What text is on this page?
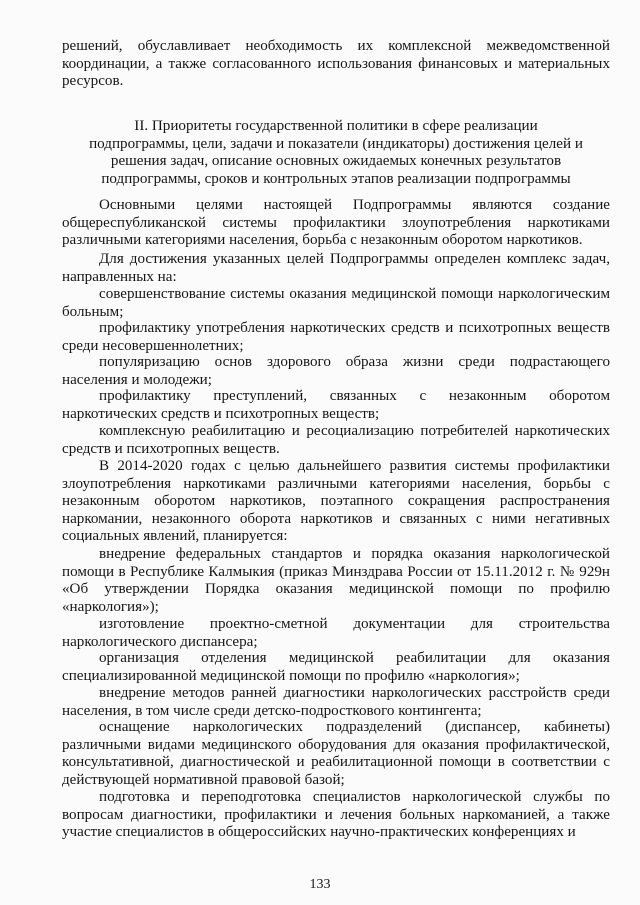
решений, обуславливает необходимость их комплексной межведомственной координации, а также согласованного использования финансовых и материальных ресурсов.

II. Приоритеты государственной политики в сфере реализации
подпрограммы, цели, задачи и показатели (индикаторы) достижения целей и
решения задач, описание основных ожидаемых конечных результатов
подпрограммы, сроков и контрольных этапов реализации подпрограммы

Основными целями настоящей Подпрограммы являются создание общереспубликанской системы профилактики злоупотребления наркотиками различными категориями населения, борьба с незаконным оборотом наркотиков.

Для достижения указанных целей Подпрограммы определен комплекс задач, направленных на:

совершенствование системы оказания медицинской помощи наркологическим больным;

профилактику употребления наркотических средств и психотропных веществ среди несовершеннолетних;

популяризацию основ здорового образа жизни среди подрастающего населения и молодежи;

профилактику преступлений, связанных с незаконным оборотом наркотических средств и психотропных веществ;

комплексную реабилитацию и ресоциализацию потребителей наркотических средств и психотропных веществ.

В 2014-2020 годах с целью дальнейшего развития системы профилактики злоупотребления наркотиками различными категориями населения, борьбы с незаконным оборотом наркотиков, поэтапного сокращения распространения наркомании, незаконного оборота наркотиков и связанных с ними негативных социальных явлений, планируется:

внедрение федеральных стандартов и порядка оказания наркологической помощи в Республике Калмыкия (приказ Минздрава России от 15.11.2012 г. № 929н «Об утверждении Порядка оказания медицинской помощи по профилю «наркология»);

изготовление проектно-сметной документации для строительства наркологического диспансера;

организация отделения медицинской реабилитации для оказания специализированной медицинской помощи по профилю «наркология»;

внедрение методов ранней диагностики наркологических расстройств среди населения, в том числе среди детско-подросткового контингента;

оснащение наркологических подразделений (диспансер, кабинеты) различными видами медицинского оборудования для оказания профилактической, консультативной, диагностической и реабилитационной помощи в соответствии с действующей нормативной правовой базой;

подготовка и переподготовка специалистов наркологической службы по вопросам диагностики, профилактики и лечения больных наркоманией, а также участие специалистов в общероссийских научно-практических конференциях и

133
